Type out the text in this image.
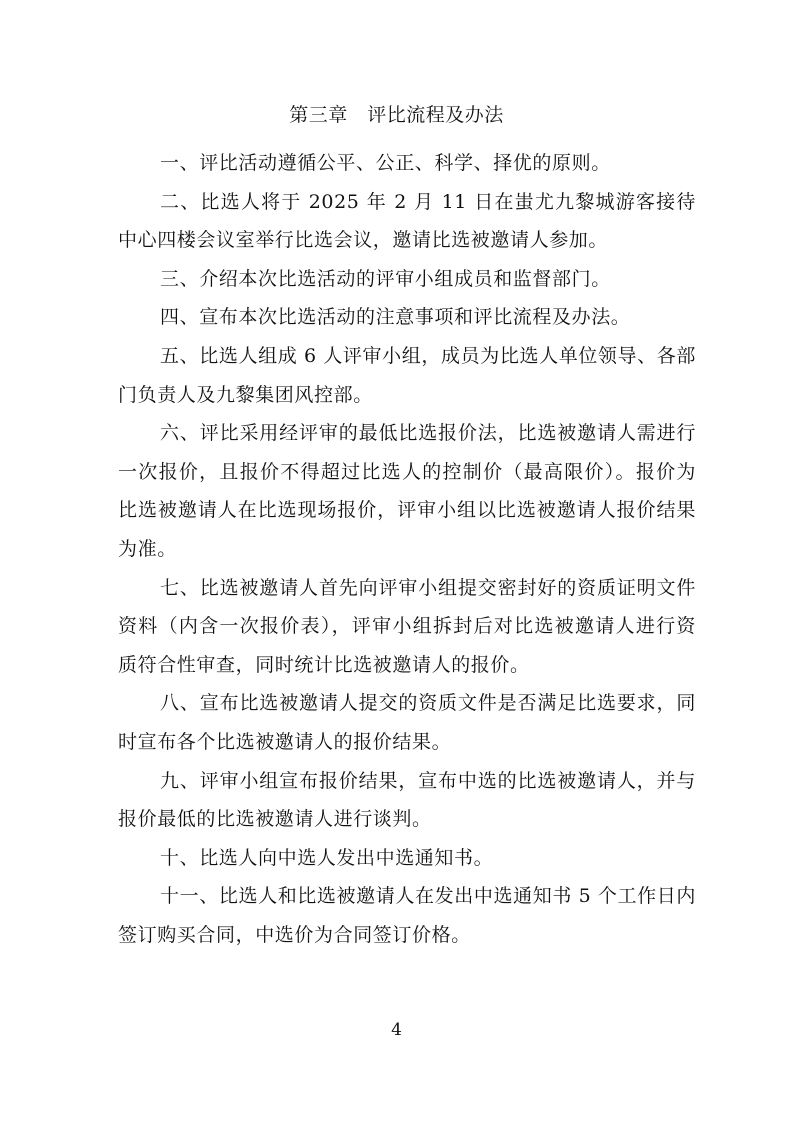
第三章　评比流程及办法

一、评比活动遵循公平、公正、科学、择优的原则。

二、比选人将于 2025 年 2 月 11 日在蚩尤九黎城游客接待中心四楼会议室举行比选会议，邀请比选被邀请人参加。

三、介绍本次比选活动的评审小组成员和监督部门。

四、宣布本次比选活动的注意事项和评比流程及办法。

五、比选人组成 6 人评审小组，成员为比选人单位领导、各部门负责人及九黎集团风控部。

六、评比采用经评审的最低比选报价法，比选被邀请人需进行一次报价，且报价不得超过比选人的控制价（最高限价）。报价为比选被邀请人在比选现场报价，评审小组以比选被邀请人报价结果为准。

七、比选被邀请人首先向评审小组提交密封好的资质证明文件资料（内含一次报价表），评审小组拆封后对比选被邀请人进行资质符合性审查，同时统计比选被邀请人的报价。

八、宣布比选被邀请人提交的资质文件是否满足比选要求，同时宣布各个比选被邀请人的报价结果。

九、评审小组宣布报价结果，宣布中选的比选被邀请人，并与报价最低的比选被邀请人进行谈判。

十、比选人向中选人发出中选通知书。

十一、比选人和比选被邀请人在发出中选通知书 5 个工作日内签订购买合同，中选价为合同签订价格。

4
